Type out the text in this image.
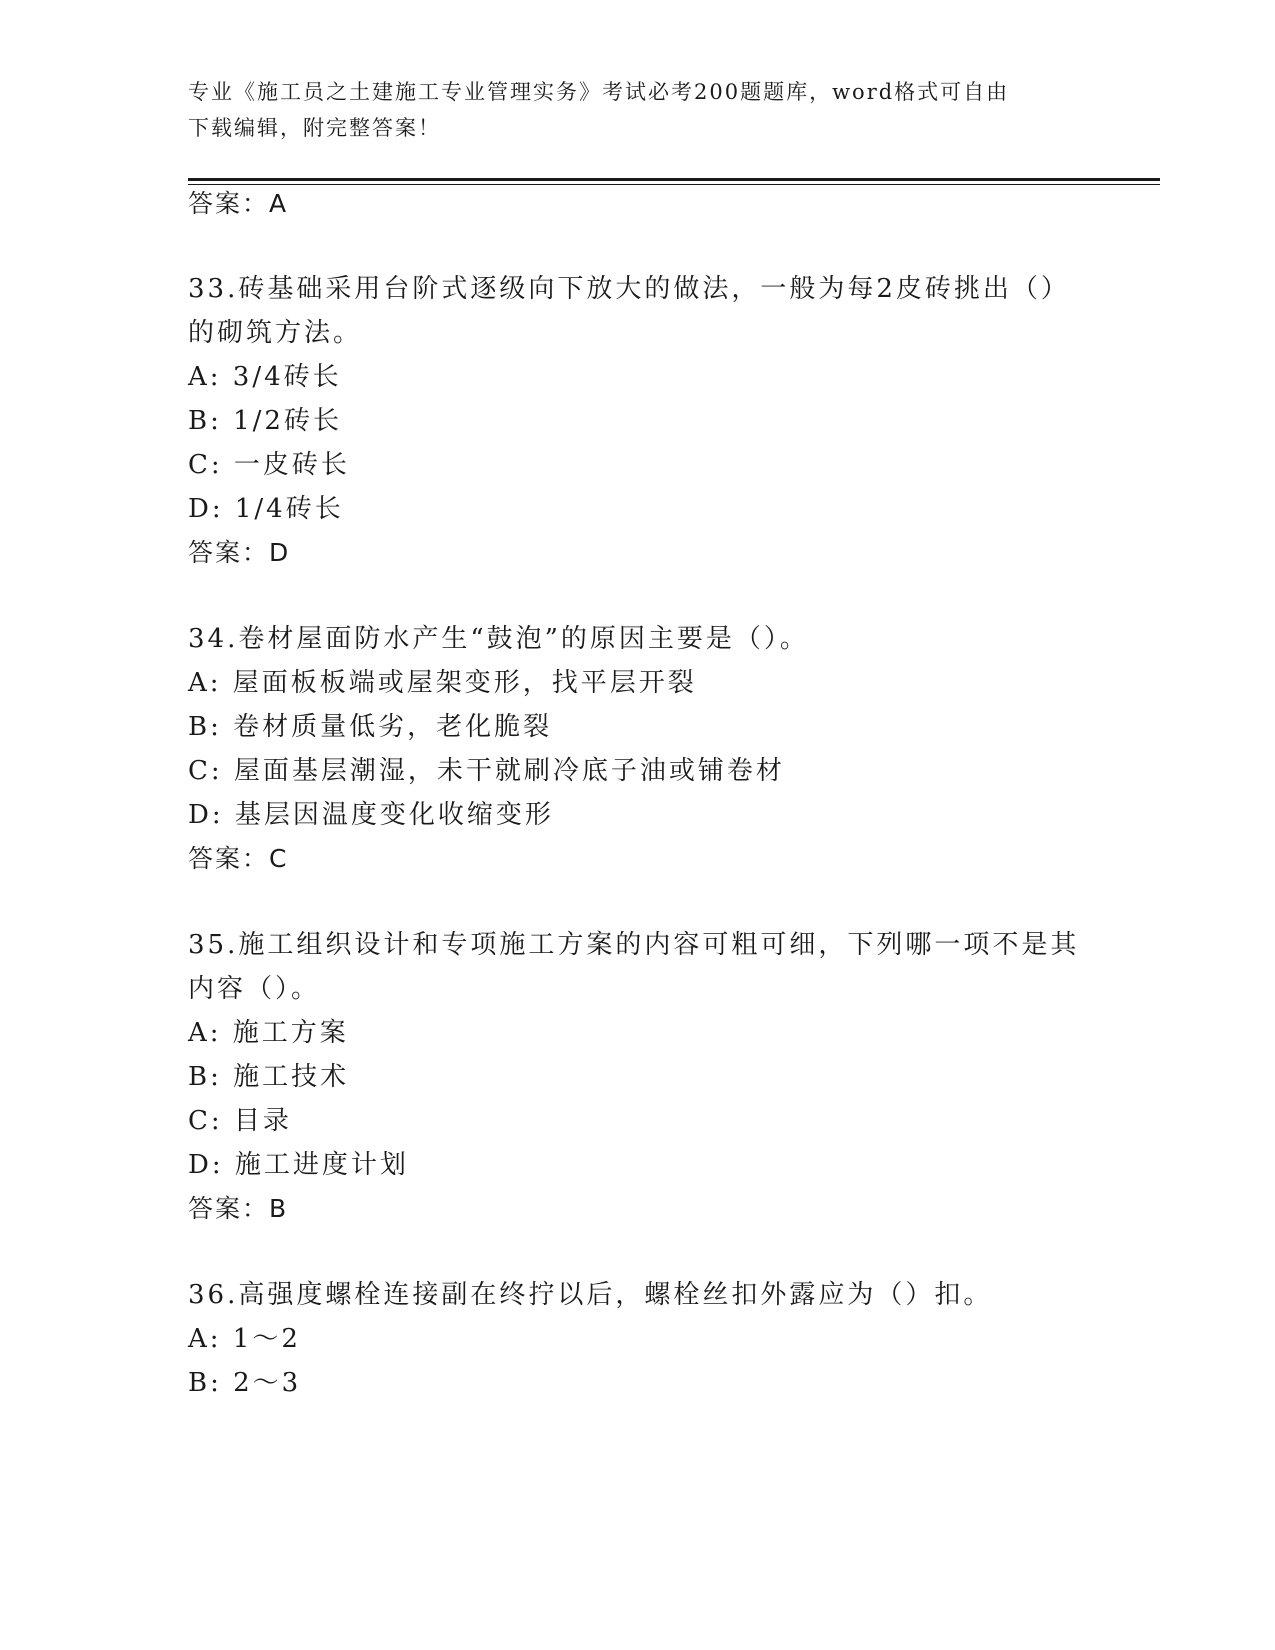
专业《施工员之土建施工专业管理实务》考试必考200题题库，word格式可自由
下载编辑，附完整答案！
答案：A
33.砖基础采用台阶式逐级向下放大的做法，一般为每2皮砖挑出（）
的砌筑方法。
A: 3/4砖长
B: 1/2砖长
C: 一皮砖长
D: 1/4砖长
答案：D
34.卷材屋面防水产生“鼓泡”的原因主要是（）。
A: 屋面板板端或屋架变形，找平层开裂
B: 卷材质量低劣，老化脆裂
C: 屋面基层潮湿，未干就刷冷底子油或铺卷材
D: 基层因温度变化收缩变形
答案：C
35.施工组织设计和专项施工方案的内容可粗可细，下列哪一项不是其
内容（）。
A: 施工方案
B: 施工技术
C: 目录
D: 施工进度计划
答案：B
36.高强度螺栓连接副在终拧以后，螺栓丝扣外露应为（）扣。
A: 1～2
B: 2～3
